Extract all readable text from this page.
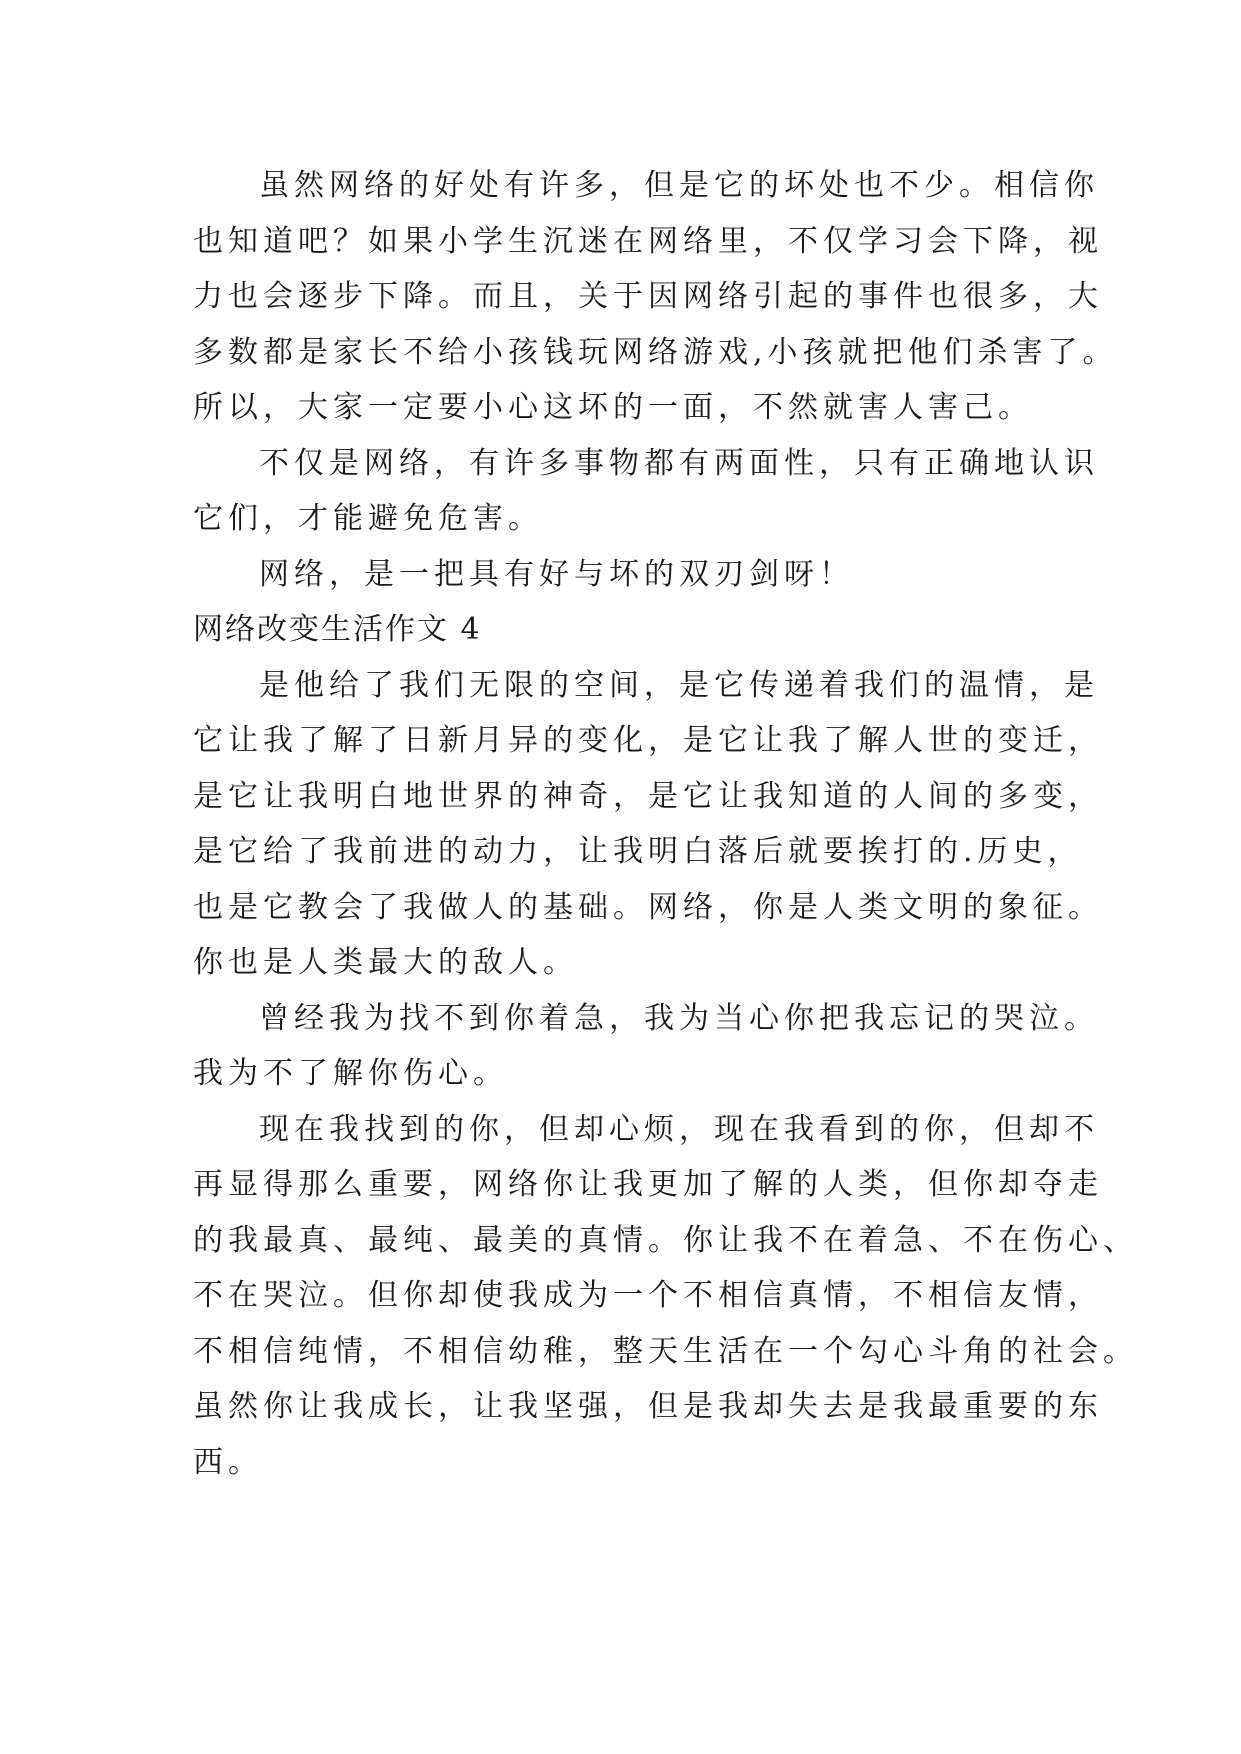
虽然网络的好处有许多，但是它的坏处也不少。相信你
也知道吧？如果小学生沉迷在网络里，不仅学习会下降，视
力也会逐步下降。而且，关于因网络引起的事件也很多，大
多数都是家长不给小孩钱玩网络游戏,小孩就把他们杀害了。
所以，大家一定要小心这坏的一面，不然就害人害己。
不仅是网络，有许多事物都有两面性，只有正确地认识
它们，才能避免危害。
网络，是一把具有好与坏的双刃剑呀！
网络改变生活作文 4
是他给了我们无限的空间，是它传递着我们的温情，是
它让我了解了日新月异的变化，是它让我了解人世的变迁，
是它让我明白地世界的神奇，是它让我知道的人间的多变，
是它给了我前进的动力，让我明白落后就要挨打的.历史，
也是它教会了我做人的基础。网络，你是人类文明的象征。
你也是人类最大的敌人。
曾经我为找不到你着急，我为当心你把我忘记的哭泣。
我为不了解你伤心。
现在我找到的你，但却心烦，现在我看到的你，但却不
再显得那么重要，网络你让我更加了解的人类，但你却夺走
的我最真、最纯、最美的真情。你让我不在着急、不在伤心、
不在哭泣。但你却使我成为一个不相信真情，不相信友情，
不相信纯情，不相信幼稚，整天生活在一个勾心斗角的社会。
虽然你让我成长，让我坚强，但是我却失去是我最重要的东
西。
